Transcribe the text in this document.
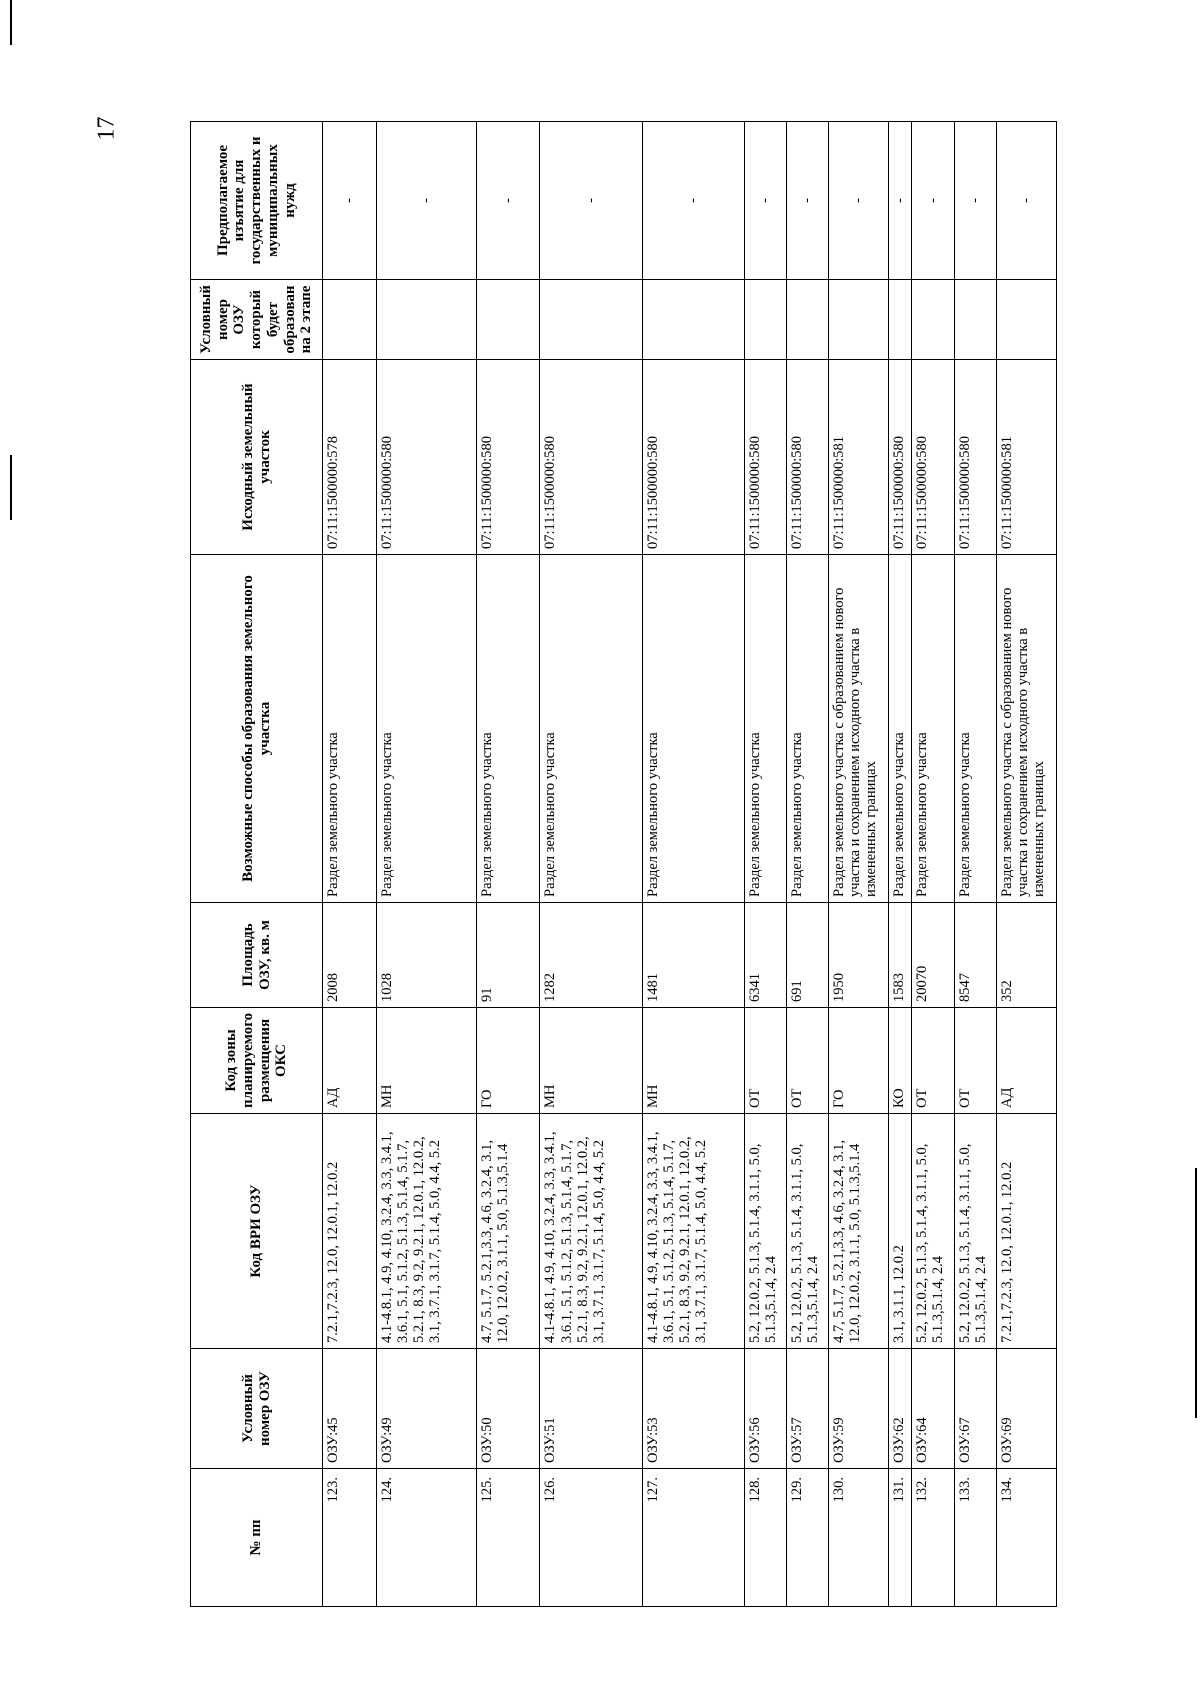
17
№ пп	Условный номер ОЗУ	Код ВРИ ОЗУ	Код зоны планируемого размещения ОКС	Площадь ОЗУ, кв. м	Возможные способы образования земельного участка	Исходный земельный участок	Условный номер ОЗУ который будет образован на 2 этапе	Предполагаемое изъятие для государственных и муниципальных нужд
123.	ОЗУ:45	7.2.1,7.2.3, 12.0, 12.0.1, 12.0.2	АД	2008	Раздел земельного участка	07:11:1500000:578		-
124.	ОЗУ:49	4.1-4.8.1, 4.9, 4.10, 3.2.4, 3.3, 3.4.1, 3.6.1, 5.1, 5.1.2, 5.1.3, 5.1.4, 5.1.7, 5.2.1, 8.3, 9.2, 9.2.1, 12.0.1, 12.0.2, 3.1, 3.7.1, 3.1.7, 5.1.4, 5.0, 4.4, 5.2	МН	1028	Раздел земельного участка	07:11:1500000:580		-
125.	ОЗУ:50	4.7, 5.1.7, 5.2.1,3.3, 4.6, 3.2.4, 3.1, 12.0, 12.0.2, 3.1.1, 5.0, 5.1.3,5.1.4	ГО	91	Раздел земельного участка	07:11:1500000:580		-
126.	ОЗУ:51	4.1-4.8.1, 4.9, 4.10, 3.2.4, 3.3, 3.4.1, 3.6.1, 5.1, 5.1.2, 5.1.3, 5.1.4, 5.1.7, 5.2.1, 8.3, 9.2, 9.2.1, 12.0.1, 12.0.2, 3.1, 3.7.1, 3.1.7, 5.1.4, 5.0, 4.4, 5.2	МН	1282	Раздел земельного участка	07:11:1500000:580		-
127.	ОЗУ:53	4.1-4.8.1, 4.9, 4.10, 3.2.4, 3.3, 3.4.1, 3.6.1, 5.1, 5.1.2, 5.1.3, 5.1.4, 5.1.7, 5.2.1, 8.3, 9.2, 9.2.1, 12.0.1, 12.0.2, 3.1, 3.7.1, 3.1.7, 5.1.4, 5.0, 4.4, 5.2	МН	1481	Раздел земельного участка	07:11:1500000:580		-
128.	ОЗУ:56	5.2, 12.0.2, 5.1.3, 5.1.4, 3.1.1, 5.0, 5.1.3,5.1.4, 2.4	ОТ	6341	Раздел земельного участка	07:11:1500000:580		-
129.	ОЗУ:57	5.2, 12.0.2, 5.1.3, 5.1.4, 3.1.1, 5.0, 5.1.3,5.1.4, 2.4	ОТ	691	Раздел земельного участка	07:11:1500000:580		-
130.	ОЗУ:59	4.7, 5.1.7, 5.2.1,3.3, 4.6, 3.2.4, 3.1, 12.0, 12.0.2, 3.1.1, 5.0, 5.1.3,5.1.4	ГО	1950	Раздел земельного участка с образованием нового участка и сохранением исходного участка в измененных границах	07:11:1500000:581		-
131.	ОЗУ:62	3.1, 3.1.1, 12.0.2	КО	1583	Раздел земельного участка	07:11:1500000:580		-
132.	ОЗУ:64	5.2, 12.0.2, 5.1.3, 5.1.4, 3.1.1, 5.0, 5.1.3,5.1.4, 2.4	ОТ	20070	Раздел земельного участка	07:11:1500000:580		-
133.	ОЗУ:67	5.2, 12.0.2, 5.1.3, 5.1.4, 3.1.1, 5.0, 5.1.3,5.1.4, 2.4	ОТ	8547	Раздел земельного участка	07:11:1500000:580		-
134.	ОЗУ:69	7.2.1,7.2.3, 12.0, 12.0.1, 12.0.2	АД	352	Раздел земельного участка с образованием нового участка и сохранением исходного участка в измененных границах	07:11:1500000:581		-
